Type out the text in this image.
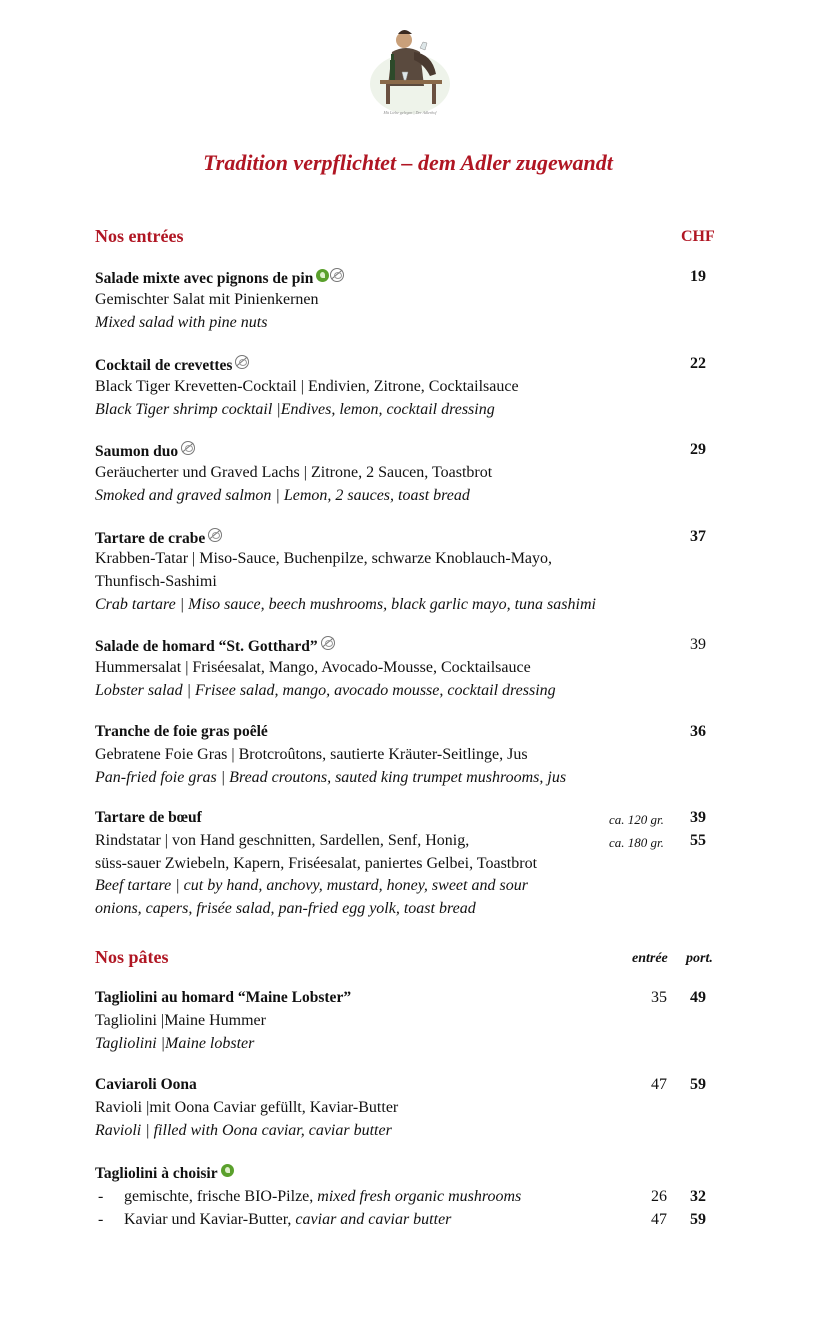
Mit Liebe gelegen | Der Adlerhof
Tradition verpflichtet – dem Adler zugewandt
Nos entrées	CHF
Salade mixte avec pignons de pin	19
Gemischter Salat mit Pinienkernen
Mixed salad with pine nuts
Cocktail de crevettes	22
Black Tiger Krevetten-Cocktail | Endivien, Zitrone, Cocktailsauce
Black Tiger shrimp cocktail |Endives, lemon, cocktail dressing
Saumon duo	29
Geräucherter und Graved Lachs | Zitrone, 2 Saucen, Toastbrot
Smoked and graved salmon | Lemon, 2 sauces, toast bread
Tartare de crabe	37
Krabben-Tatar | Miso-Sauce, Buchenpilze, schwarze Knoblauch-Mayo,
Thunfisch-Sashimi
Crab tartare | Miso sauce, beech mushrooms, black garlic mayo, tuna sashimi
Salade de homard “St. Gotthard”	39
Hummersalat | Friséesalat, Mango, Avocado-Mousse, Cocktailsauce
Lobster salad | Frisee salad, mango, avocado mousse, cocktail dressing
Tranche de foie gras poêlé	36
Gebratene Foie Gras | Brotcroûtons, sautierte Kräuter-Seitlinge, Jus
Pan-fried foie gras | Bread croutons, sauted king trumpet mushrooms, jus
Tartare de bœuf	ca. 120 gr. 39
Rindstatar | von Hand geschnitten, Sardellen, Senf, Honig,	ca. 180 gr. 55
süss-sauer Zwiebeln, Kapern, Friséesalat, paniertes Gelbei, Toastbrot
Beef tartare | cut by hand, anchovy, mustard, honey, sweet and sour
onions, capers, frisée salad, pan-fried egg yolk, toast bread
Nos pâtes	entrée port.
Tagliolini au homard “Maine Lobster”	35 49
Tagliolini |Maine Hummer
Tagliolini |Maine lobster
Caviaroli Oona	47 59
Ravioli |mit Oona Caviar gefüllt, Kaviar-Butter
Ravioli | filled with Oona caviar, caviar butter
Tagliolini à choisir
- gemischte, frische BIO-Pilze, mixed fresh organic mushrooms	26 32
- Kaviar und Kaviar-Butter, caviar and caviar butter	47 59
